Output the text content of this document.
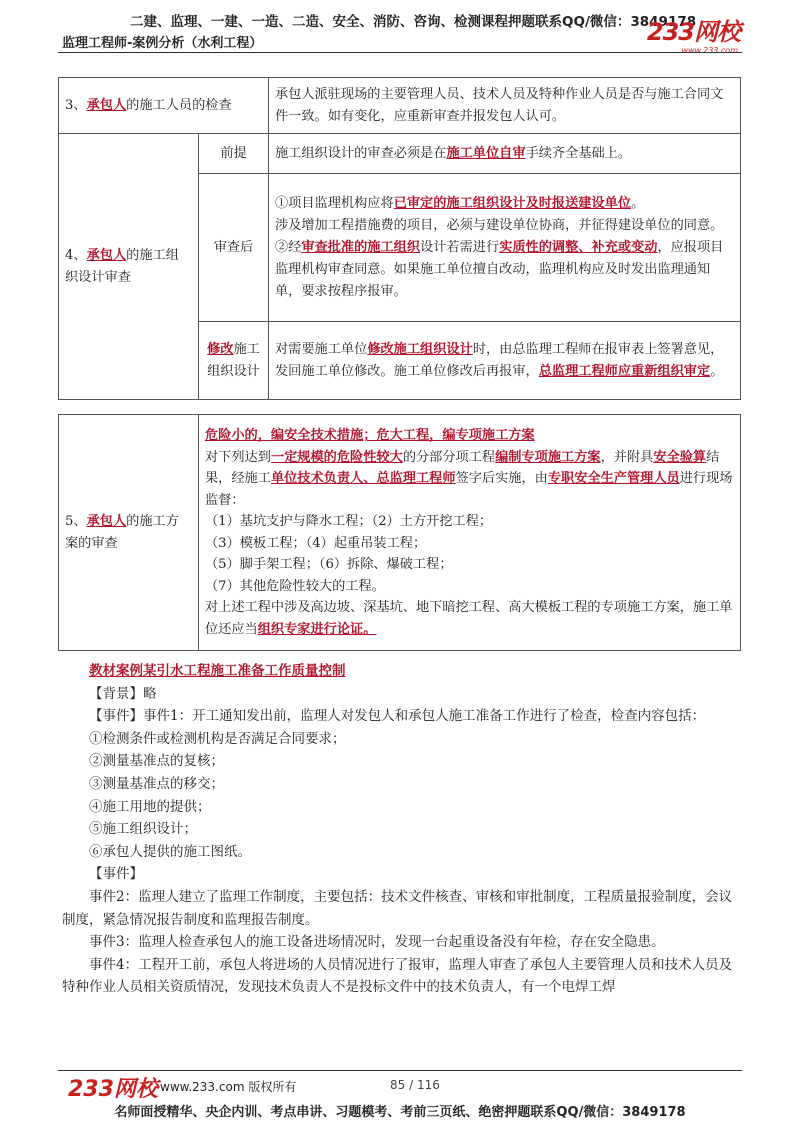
二建、监理、一建、一造、二造、安全、消防、咨询、检测课程押题联系QQ/微信：3849178
监理工程师-案例分析（水利工程）	233网校
www.233.com
3、承包人的施工人员的检查		承包人派驻现场的主要管理人员、技术人员及特种作业人员是否与施工合同文件一致。如有变化，应重新审查并报发包人认可。
4、承包人的施工组织设计审查	前提	施工组织设计的审查必须是在施工单位自审手续齐全基础上。
	审查后	①项目监理机构应将已审定的施工组织设计及时报送建设单位。
涉及增加工程措施费的项目，必须与建设单位协商，并征得建设单位的同意。
②经审查批准的施工组织设计若需进行实质性的调整、补充或变动，应报项目监理机构审查同意。如果施工单位擅自改动，监理机构应及时发出监理通知单，要求按程序报审。
	修改施工组织设计	对需要施工单位修改施工组织设计时，由总监理工程师在报审表上签署意见，发回施工单位修改。施工单位修改后再报审，总监理工程师应重新组织审定。
5、承包人的施工方案的审查	危险小的，编安全技术措施；危大工程，编专项施工方案
对下列达到一定规模的危险性较大的分部分项工程编制专项施工方案，并附具安全验算结果，经施工单位技术负责人、总监理工程师签字后实施，由专职安全生产管理人员进行现场监督：
（1）基坑支护与降水工程；（2）土方开挖工程；
（3）模板工程；（4）起重吊装工程；
（5）脚手架工程；（6）拆除、爆破工程；
（7）其他危险性较大的工程。
对上述工程中涉及高边坡、深基坑、地下暗挖工程、高大模板工程的专项施工方案，施工单位还应当组织专家进行论证。

教材案例某引水工程施工准备工作质量控制

【背景】略

【事件】事件1：开工通知发出前，监理人对发包人和承包人施工准备工作进行了检查，检查内容包括：

①检测条件或检测机构是否满足合同要求；

②测量基准点的复核；

③测量基准点的移交；

④施工用地的提供；

⑤施工组织设计；

⑥承包人提供的施工图纸。

【事件】

事件2：监理人建立了监理工作制度，主要包括：技术文件核查、审核和审批制度，工程质量报验制度，会议制度，紧急情况报告制度和监理报告制度。

事件3：监理人检查承包人的施工设备进场情况时，发现一台起重设备没有年检，存在安全隐患。

事件4：工程开工前，承包人将进场的人员情况进行了报审，监理人审查了承包人主要管理人员和技术人员及特种作业人员相关资质情况，发现技术负责人不是投标文件中的技术负责人，有一个电焊工焊

233网校 www.233.com 版权所有	85 / 116
名师面授精华、央企内训、考点串讲、习题模考、考前三页纸、绝密押题联系QQ/微信：3849178
